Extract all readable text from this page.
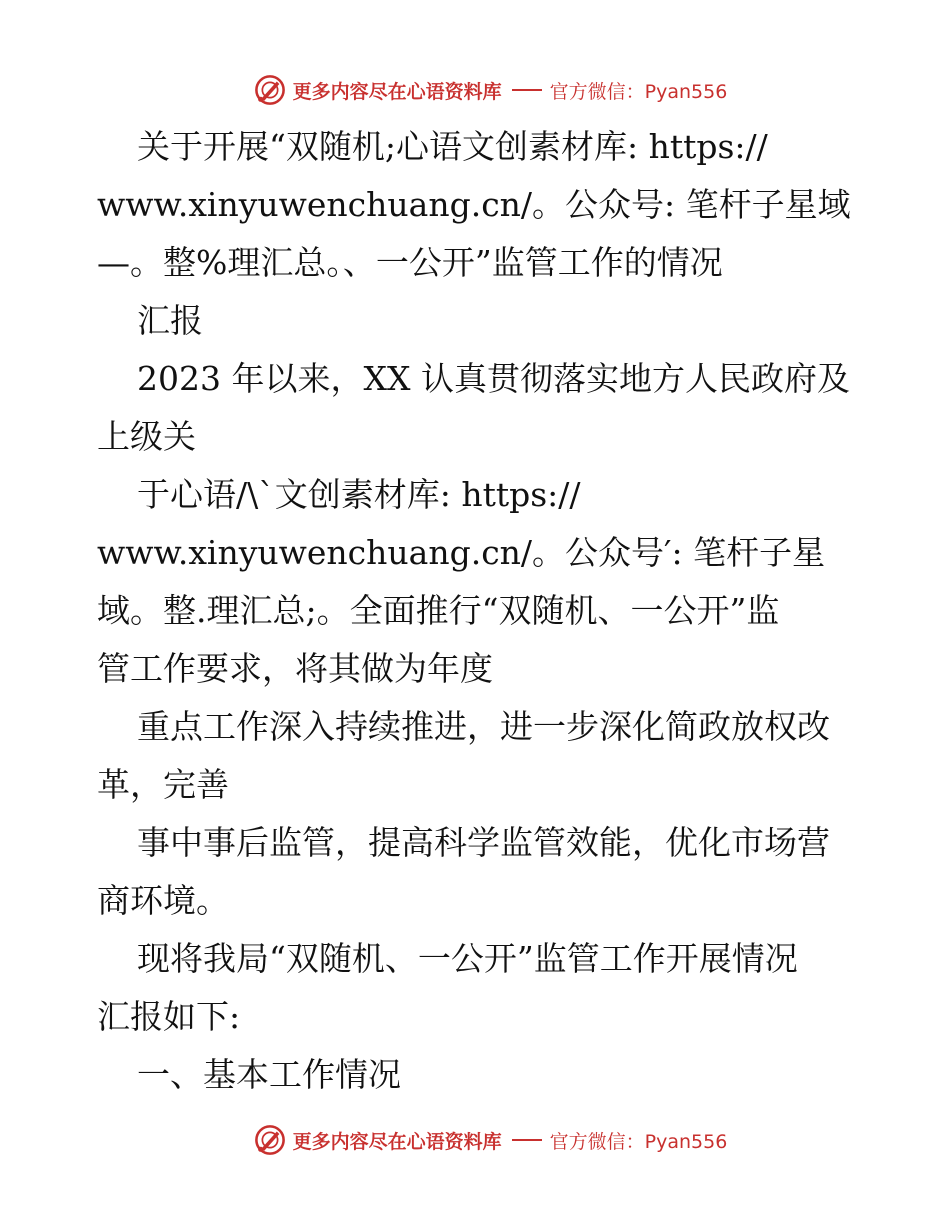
更多内容尽在心语资料库	官方微信：Pyan556
关于开展“双随机;心语文创素材库: https://
www.xinyuwenchuang.cn/。公众号: 笔杆子星域
—。整%理汇总。、一公开”监管工作的情况
汇报
2023 年以来，XX 认真贯彻落实地方人民政府及
上级关
于心语/\`文创素材库: https://
www.xinyuwenchuang.cn/。公众号′: 笔杆子星
域。整.理汇总;。全面推行“双随机、一公开”监
管工作要求，将其做为年度
重点工作深入持续推进，进一步深化简政放权改
革，完善
事中事后监管，提高科学监管效能，优化市场营
商环境。
现将我局“双随机、一公开”监管工作开展情况
汇报如下:
一、基本工作情况
更多内容尽在心语资料库	官方微信：Pyan556
